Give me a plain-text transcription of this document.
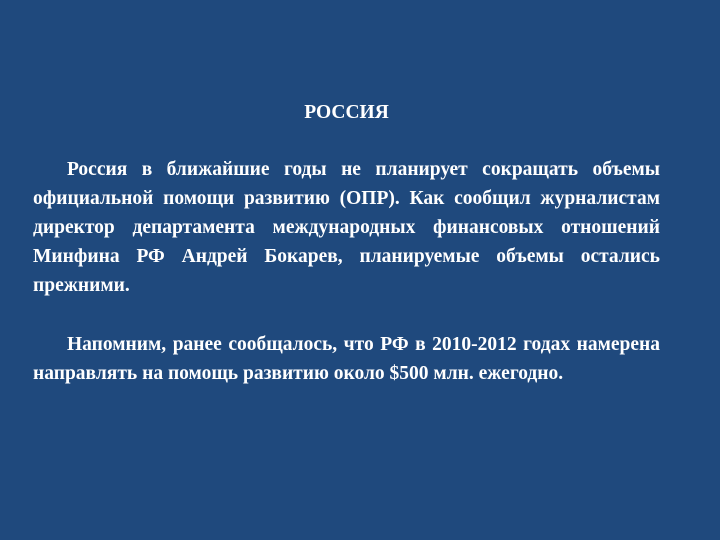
РОССИЯ

Россия в ближайшие годы не планирует сокращать объемы официальной помощи развитию (ОПР). Как сообщил журналистам директор департамента международных финансовых отношений Минфина РФ Андрей Бокарев, планируемые объемы остались прежними.

Напомним, ранее сообщалось, что РФ в 2010-2012 годах намерена направлять на помощь развитию около $500 млн. ежегодно.
